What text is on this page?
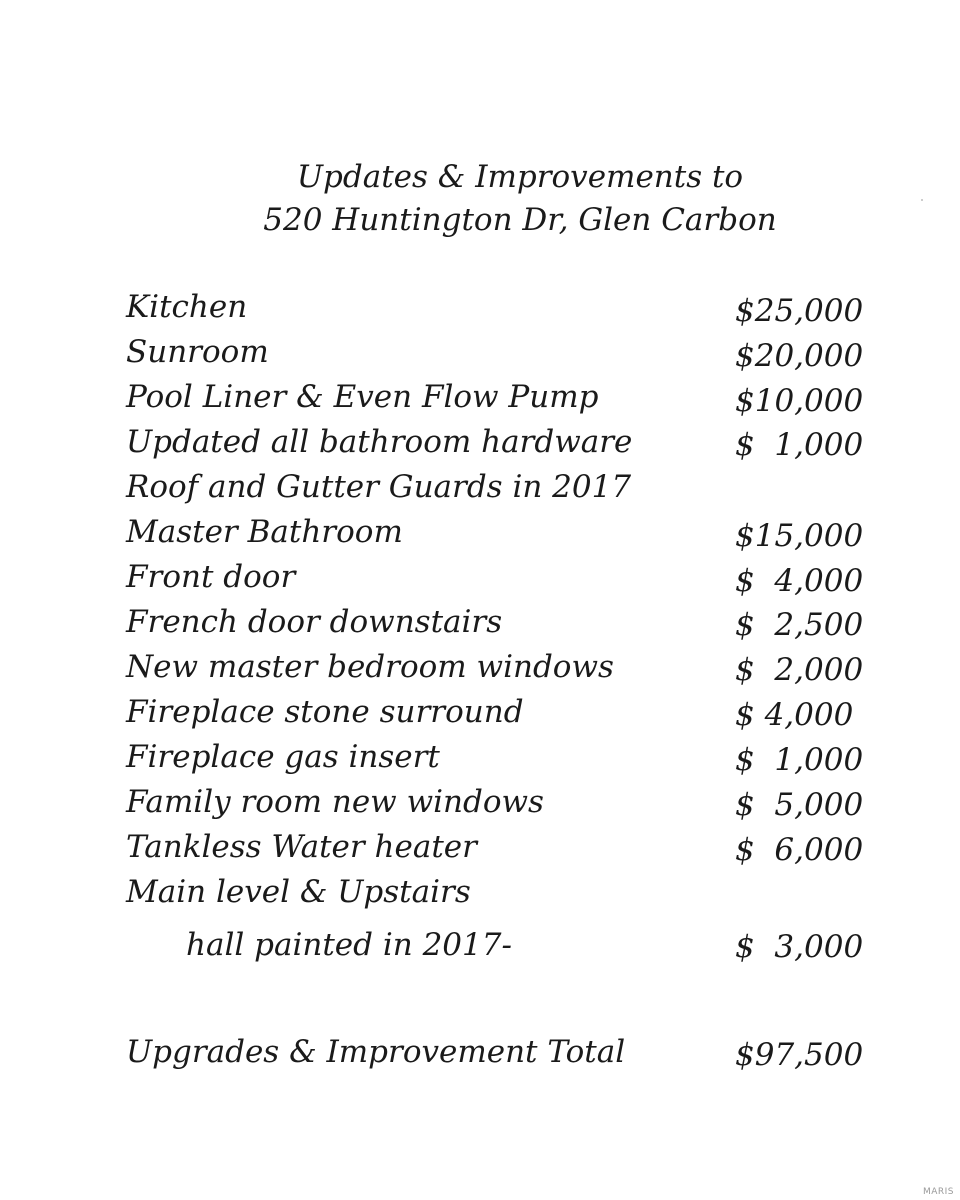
Updates & Improvements to
520 Huntington Dr, Glen Carbon
Kitchen	$25,000
Sunroom	$20,000
Pool Liner & Even Flow Pump	$10,000
Updated all bathroom hardware	$  1,000
Roof and Gutter Guards in 2017
Master Bathroom	$15,000
Front door	$  4,000
French door downstairs	$  2,500
New master bedroom windows	$  2,000
Fireplace stone surround	$ 4,000
Fireplace gas insert	$  1,000
Family room new windows	$  5,000
Tankless Water heater	$  6,000
Main level & Upstairs
hall painted in 2017-	$  3,000
Upgrades & Improvement Total	$97,500
MARIS
